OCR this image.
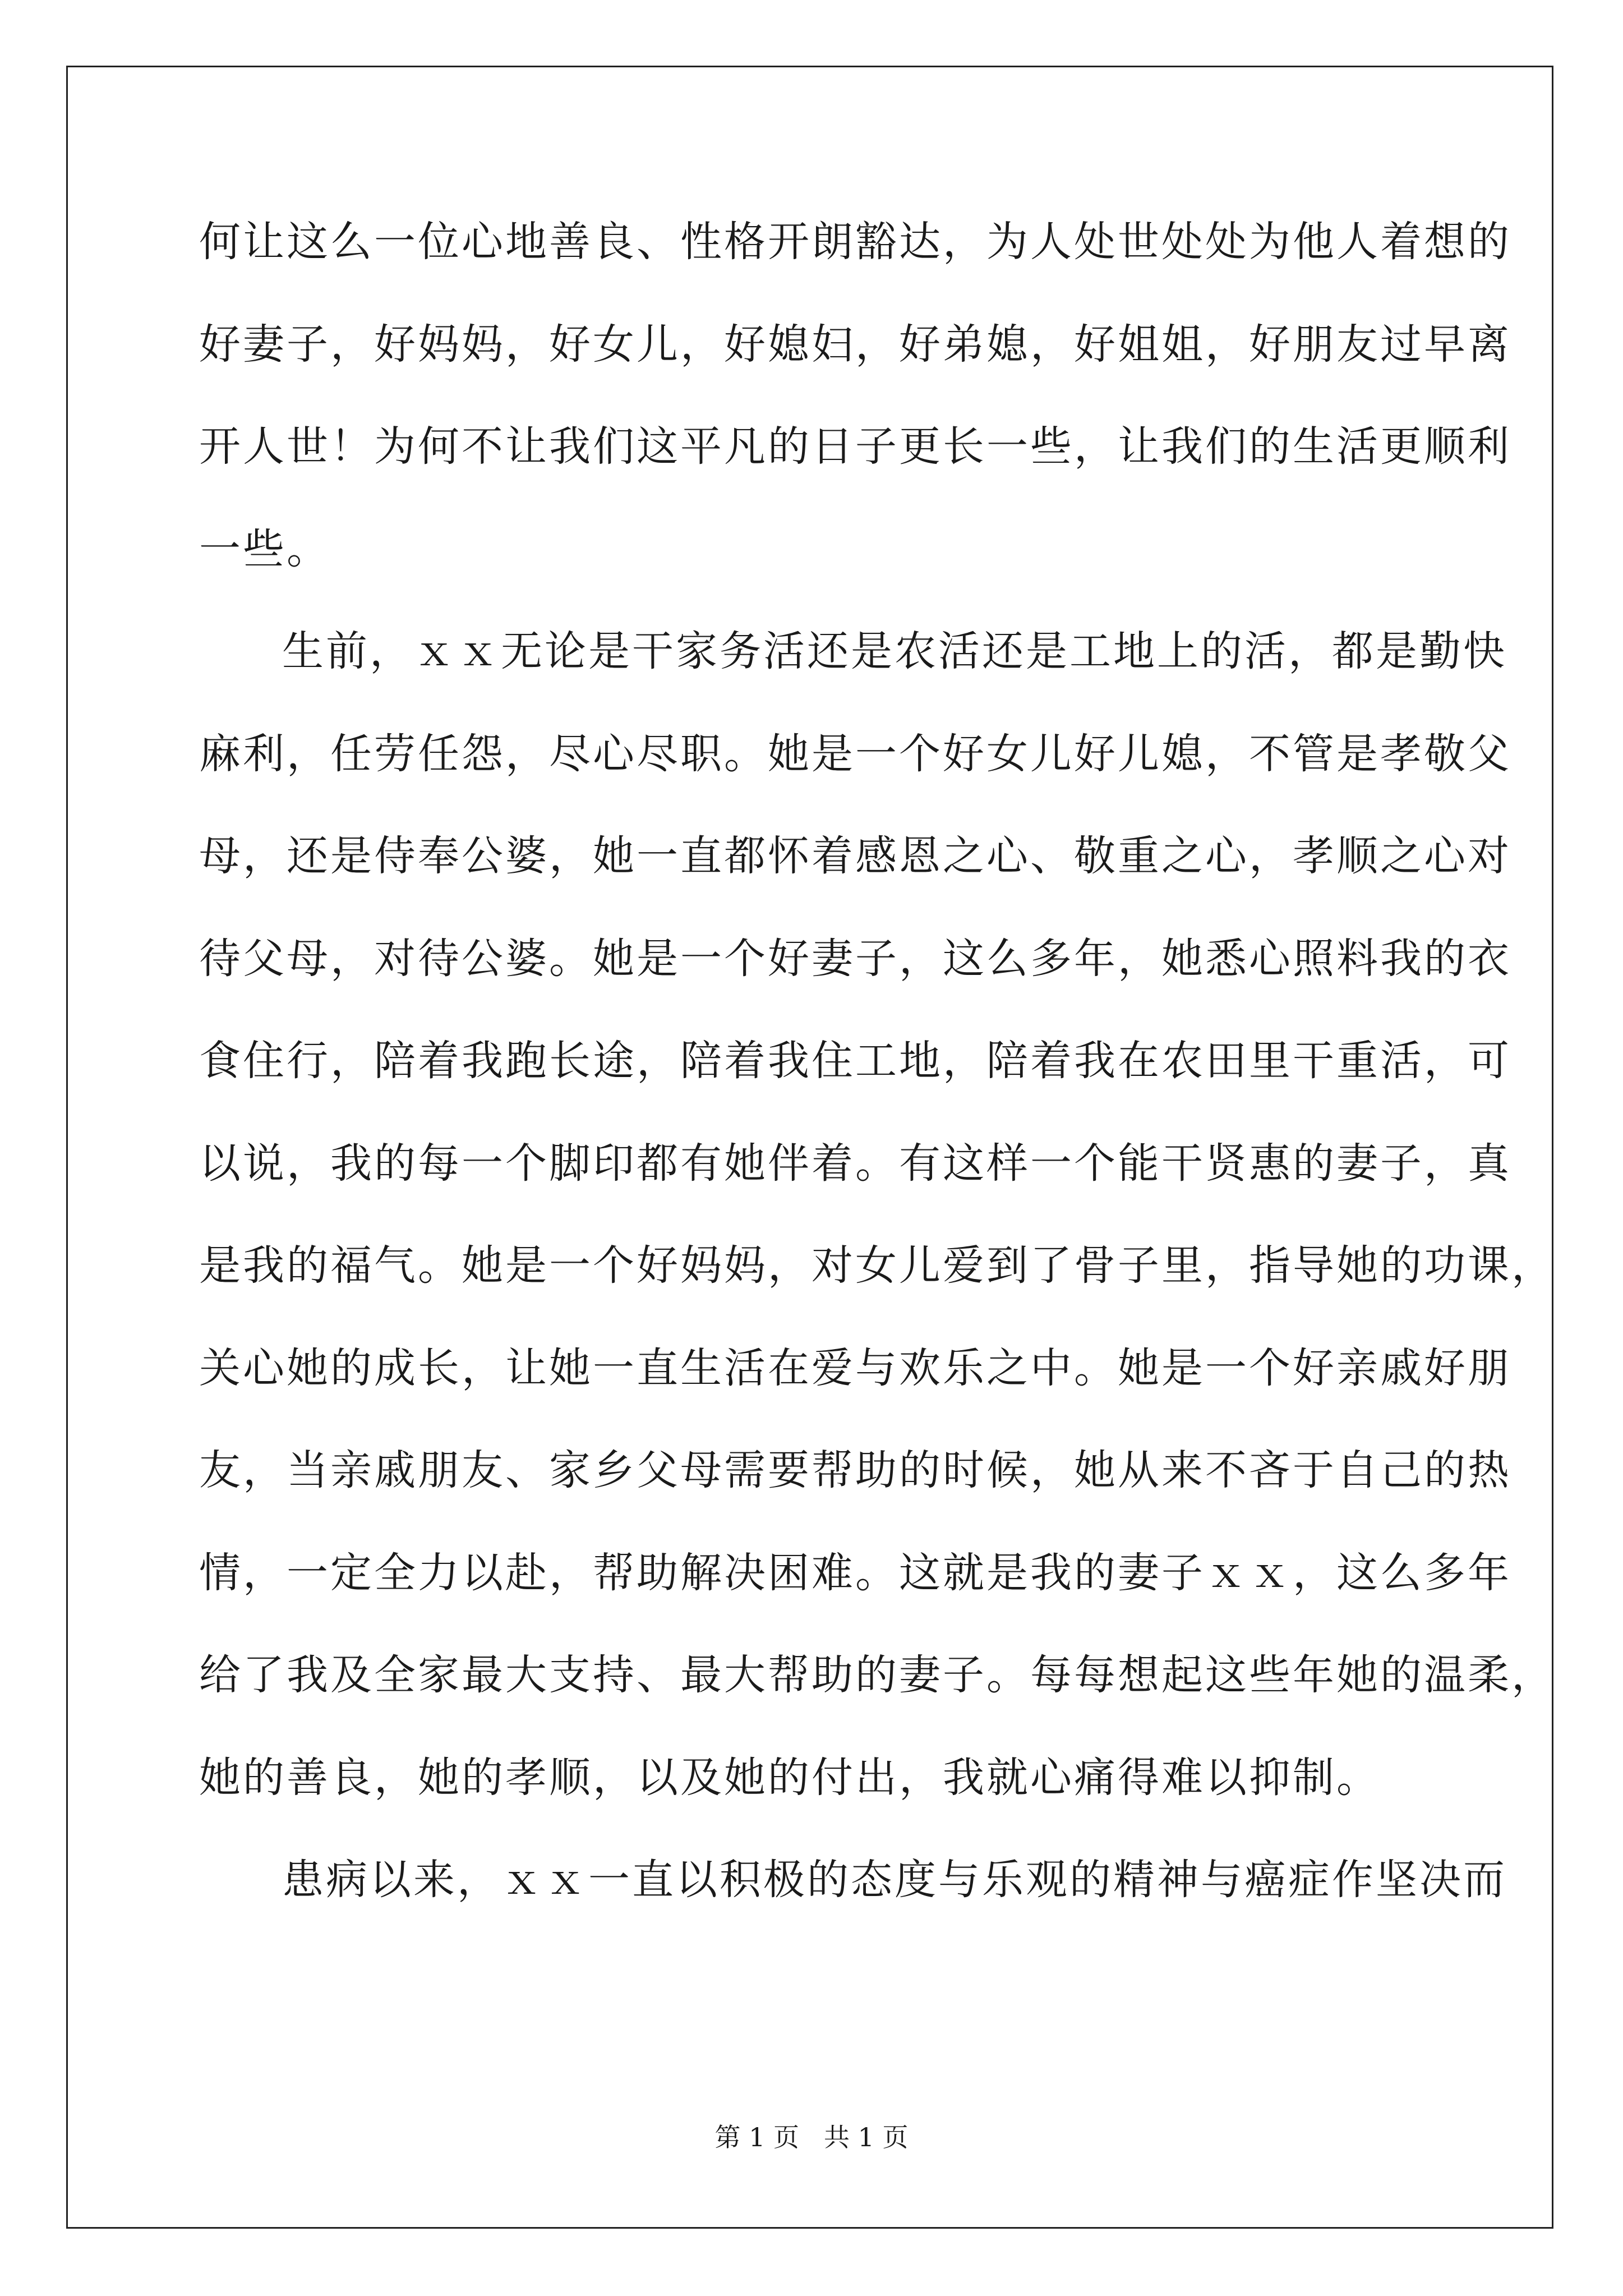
何让这么一位心地善良、性格开朗豁达，为人处世处处为他人着想的
好妻子，好妈妈，好女儿，好媳妇，好弟媳，好姐姐，好朋友过早离
开人世！为何不让我们这平凡的日子更长一些，让我们的生活更顺利
一些。
生前，ｘｘ无论是干家务活还是农活还是工地上的活，都是勤快
麻利，任劳任怨，尽心尽职。她是一个好女儿好儿媳，不管是孝敬父
母，还是侍奉公婆，她一直都怀着感恩之心、敬重之心，孝顺之心对
待父母，对待公婆。她是一个好妻子，这么多年，她悉心照料我的衣
食住行，陪着我跑长途，陪着我住工地，陪着我在农田里干重活，可
以说，我的每一个脚印都有她伴着。有这样一个能干贤惠的妻子，真
是我的福气。她是一个好妈妈，对女儿爱到了骨子里，指导她的功课，
关心她的成长，让她一直生活在爱与欢乐之中。她是一个好亲戚好朋
友，当亲戚朋友、家乡父母需要帮助的时候，她从来不吝于自己的热
情，一定全力以赴，帮助解决困难。这就是我的妻子ｘｘ，这么多年
给了我及全家最大支持、最大帮助的妻子。每每想起这些年她的温柔，
她的善良，她的孝顺，以及她的付出，我就心痛得难以抑制。
患病以来，ｘｘ一直以积极的态度与乐观的精神与癌症作坚决而
第 1 页 共 1 页
